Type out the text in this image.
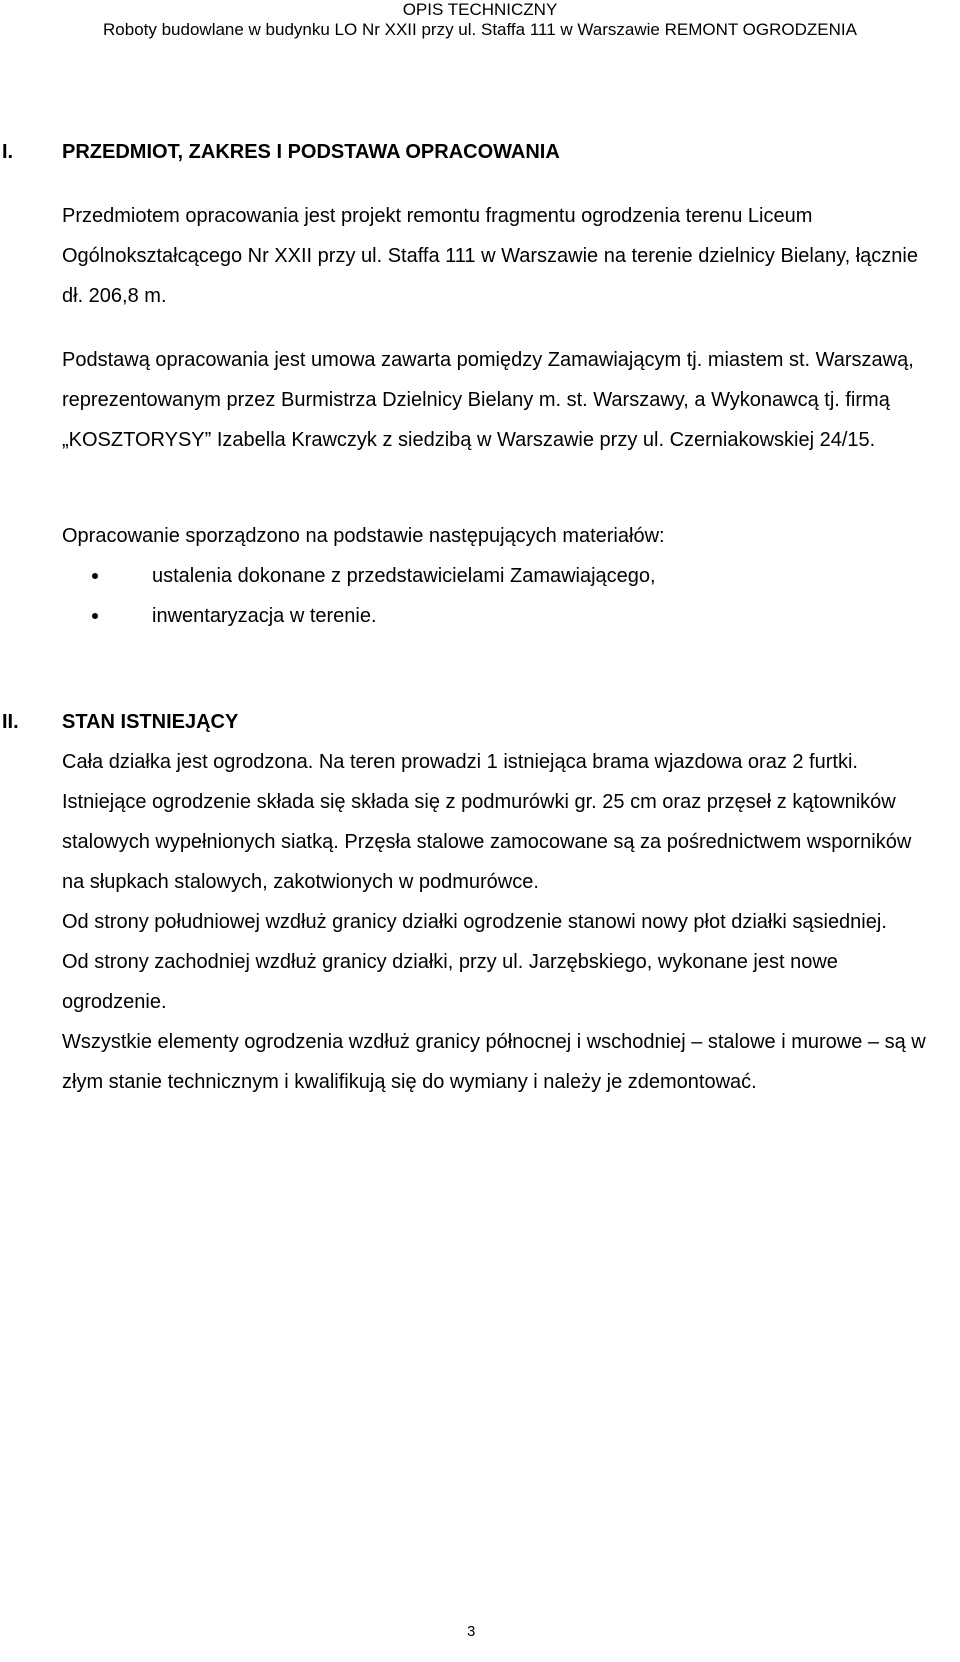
OPIS TECHNICZNY
Roboty budowlane w budynku LO Nr XXII przy ul. Staffa 111 w Warszawie REMONT OGRODZENIA
I. PRZEDMIOT, ZAKRES I PODSTAWA OPRACOWANIA
Przedmiotem opracowania jest projekt remontu fragmentu ogrodzenia terenu Liceum Ogólnokształcącego Nr XXII przy ul. Staffa 111 w Warszawie na terenie dzielnicy Bielany, łącznie dł. 206,8 m.
Podstawą opracowania jest umowa zawarta pomiędzy Zamawiającym tj. miastem st. Warszawą, reprezentowanym przez Burmistrza Dzielnicy Bielany m. st. Warszawy, a Wykonawcą tj. firmą „KOSZTORYSY” Izabella Krawczyk z siedzibą w Warszawie przy ul. Czerniakowskiej 24/15.
Opracowanie sporządzono na podstawie następujących materiałów:
ustalenia dokonane z przedstawicielami Zamawiającego,
inwentaryzacja w terenie.
II. STAN ISTNIEJĄCY
Cała działka jest ogrodzona. Na teren prowadzi 1 istniejąca brama wjazdowa oraz 2 furtki. Istniejące ogrodzenie składa się składa się z podmurówki gr. 25 cm oraz przęseł z kątowników stalowych wypełnionych siatką. Przęsła stalowe zamocowane są za pośrednictwem wsporników na słupkach stalowych, zakotwionych w podmurówce.
Od strony południowej wzdłuż granicy działki ogrodzenie stanowi nowy płot działki sąsiedniej.
Od strony zachodniej wzdłuż granicy działki, przy ul. Jarzębskiego, wykonane jest nowe ogrodzenie.
Wszystkie elementy ogrodzenia wzdłuż granicy północnej i wschodniej – stalowe i murowe – są w złym stanie technicznym i kwalifikują się do wymiany i należy je zdemontować.
3
